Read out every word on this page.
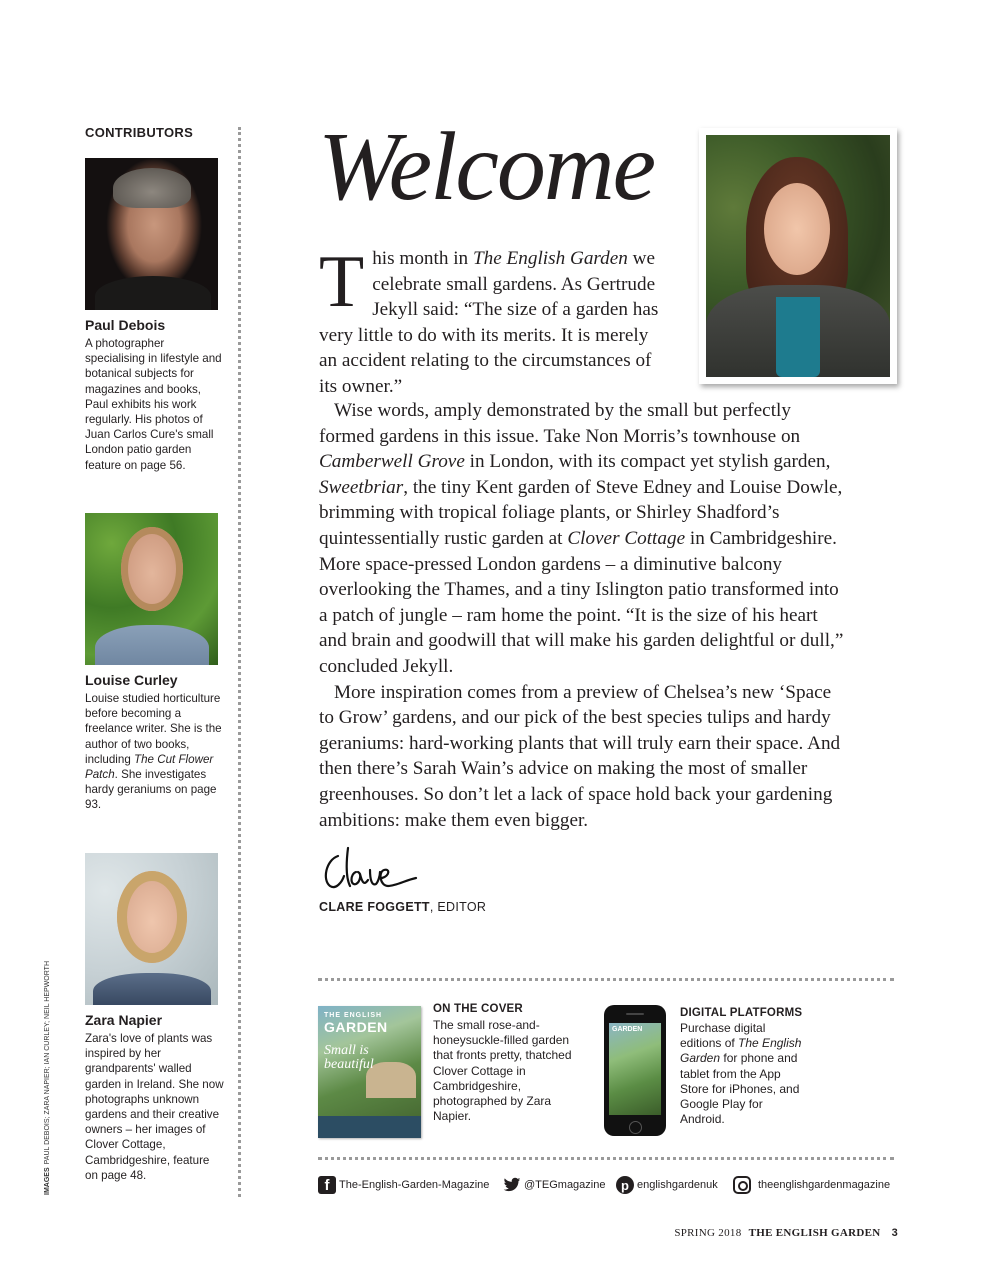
CONTRIBUTORS
Paul Debois
A photographer specialising in lifestyle and botanical subjects for magazines and books, Paul exhibits his work regularly. His photos of Juan Carlos Cure's small London patio garden feature on page 56.
Louise Curley
Louise studied horticulture before becoming a freelance writer. She is the author of two books, including The Cut Flower Patch. She investigates hardy geraniums on page 93.
Zara Napier
Zara's love of plants was inspired by her grandparents' walled garden in Ireland. She now photographs unknown gardens and their creative owners – her images of Clover Cottage, Cambridgeshire, feature on page 48.
IMAGESPAUL DEBOIS; ZARA NAPIER; IAN CURLEY; NEIL HEPWORTH
Welcome
T his month in The English Garden we celebrate small gardens. As Gertrude Jekyll said: “The size of a garden has very little to do with its merits. It is merely an accident relating to the circumstances of its owner.”

Wise words, amply demonstrated by the small but perfectly formed gardens in this issue. Take Non Morris’s townhouse on Camberwell Grove in London, with its compact yet stylish garden, Sweetbriar, the tiny Kent garden of Steve Edney and Louise Dowle, brimming with tropical foliage plants, or Shirley Shadford’s quintessentially rustic garden at Clover Cottage in Cambridgeshire. More space-pressed London gardens – a diminutive balcony overlooking the Thames, and a tiny Islington patio transformed into a patch of jungle – ram home the point. “It is the size of his heart and brain and goodwill that will make his garden delightful or dull,” concluded Jekyll.

More inspiration comes from a preview of Chelsea’s new ‘Space to Grow’ gardens, and our pick of the best species tulips and hardy geraniums: hard-working plants that will truly earn their space. And then there’s Sarah Wain’s advice on making the most of smaller greenhouses. So don’t let a lack of space hold back your gardening ambitions: make them even bigger.

CLARE FOGGETT, EDITOR
THE ENGLISH
GARDEN
Small is beautiful
ON THE COVER
The small rose-and-honeysuckle-filled garden that fronts pretty, thatched Clover Cottage in Cambridgeshire, photographed by Zara Napier.
GARDEN
DIGITAL PLATFORMS
Purchase digital editions of The English Garden for phone and tablet from the App Store for iPhones, and Google Play for Android.
f The-English-Garden-Magazine	@TEGmagazine	p englishgardenuk	theenglishgardenmagazine
SPRING 2018 THE ENGLISH GARDEN 3
